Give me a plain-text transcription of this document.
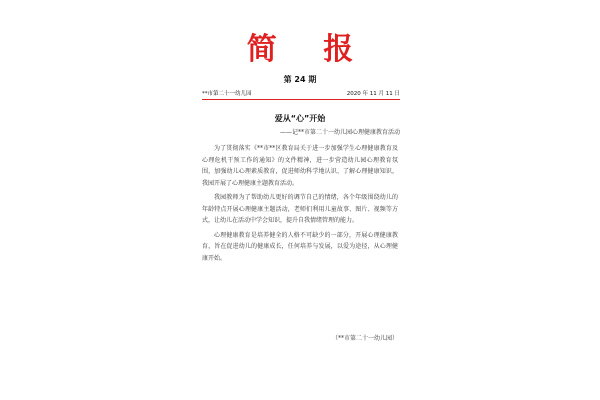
简 报
第 24 期
**市第二十一幼儿园	2020 年 11 月 11 日
爱从“心”开始
——记**市第二十一幼儿园心理健康教育活动

为了贯彻落实《**市**区教育局关于进一步加强学生心理健康教育及心理危机干预工作的通知》的文件精神，进一步营造幼儿园心理教育氛围，加强幼儿心理素质教育，促进师幼科学地认识、了解心理健康知识，我园开展了心理健康主题教育活动。

我园教师为了帮助幼儿更好的调节自己的情绪，各个年级围绕幼儿的年龄特点开展心理健康主题活动，老师们利用儿童故事、图片、视频等方式，让幼儿在活动中学会知识，提升自我情绪管理的能力。

心理健康教育是培养健全的人格不可缺少的一部分，开展心理健康教育，旨在促进幼儿的健康成长，任何培养与发展，以爱为途径，从心理健康开始。

（**市第二十一幼儿园）
